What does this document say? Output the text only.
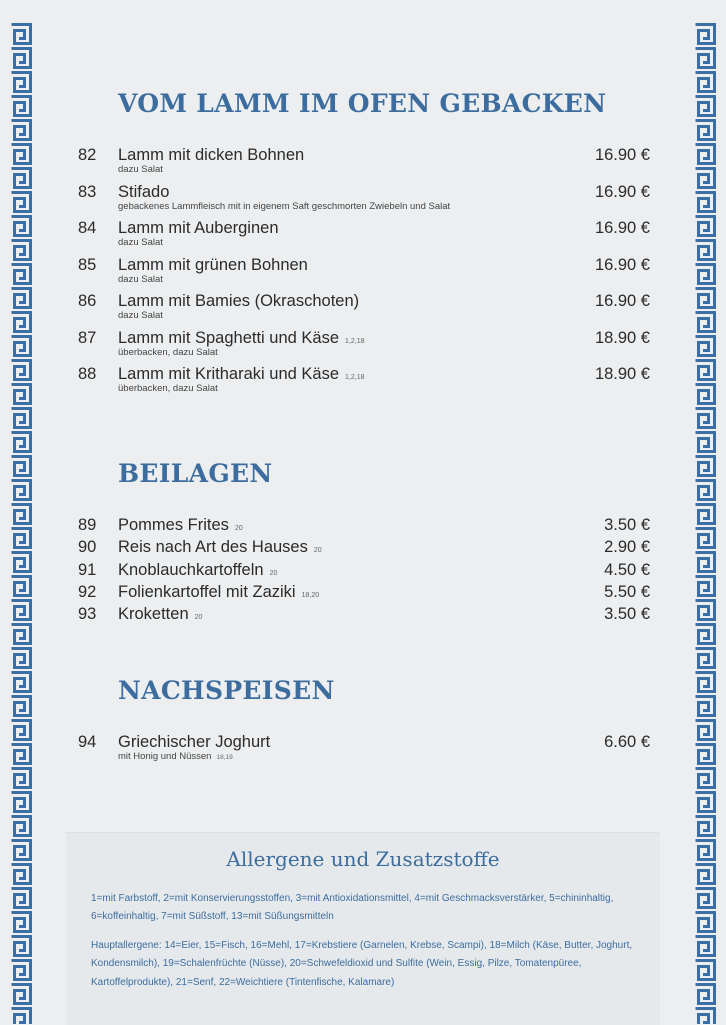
VOM LAMM IM OFEN GEBACKEN
82	Lamm mit dicken Bohnen	16.90 €
dazu Salat
83	Stifado	16.90 €
gebackenes Lammfleisch mit in eigenem Saft geschmorten Zwiebeln und Salat
84	Lamm mit Auberginen	16.90 €
dazu Salat
85	Lamm mit grünen Bohnen	16.90 €
dazu Salat
86	Lamm mit Bamies (Okraschoten)	16.90 €
dazu Salat
87	Lamm mit Spaghetti und Käse 1,2,18	18.90 €
überbacken, dazu Salat
88	Lamm mit Kritharaki und Käse 1,2,18	18.90 €
überbacken, dazu Salat
BEILAGEN
89	Pommes Frites 20	3.50 €
90	Reis nach Art des Hauses 20	2.90 €
91	Knoblauchkartoffeln 20	4.50 €
92	Folienkartoffel mit Zaziki 18,20	5.50 €
93	Kroketten 20	3.50 €
NACHSPEISEN
94	Griechischer Joghurt	6.60 €
mit Honig und Nüssen 18,19
Allergene und Zusatzstoffe

1=mit Farbstoff, 2=mit Konservierungsstoffen, 3=mit Antioxidationsmittel, 4=mit Geschmacksverstärker, 5=chininhaltig, 6=koffeinhaltig, 7=mit Süßstoff, 13=mit Süßungsmitteln

Hauptallergene: 14=Eier, 15=Fisch, 16=Mehl, 17=Krebstiere (Garnelen, Krebse, Scampi), 18=Milch (Käse, Butter, Joghurt, Kondensmilch), 19=Schalenfrüchte (Nüsse), 20=Schwefeldioxid und Sulfite (Wein, Essig, Pilze, Tomatenpüree, Kartoffelprodukte), 21=Senf, 22=Weichtiere (Tintenfische, Kalamare)
